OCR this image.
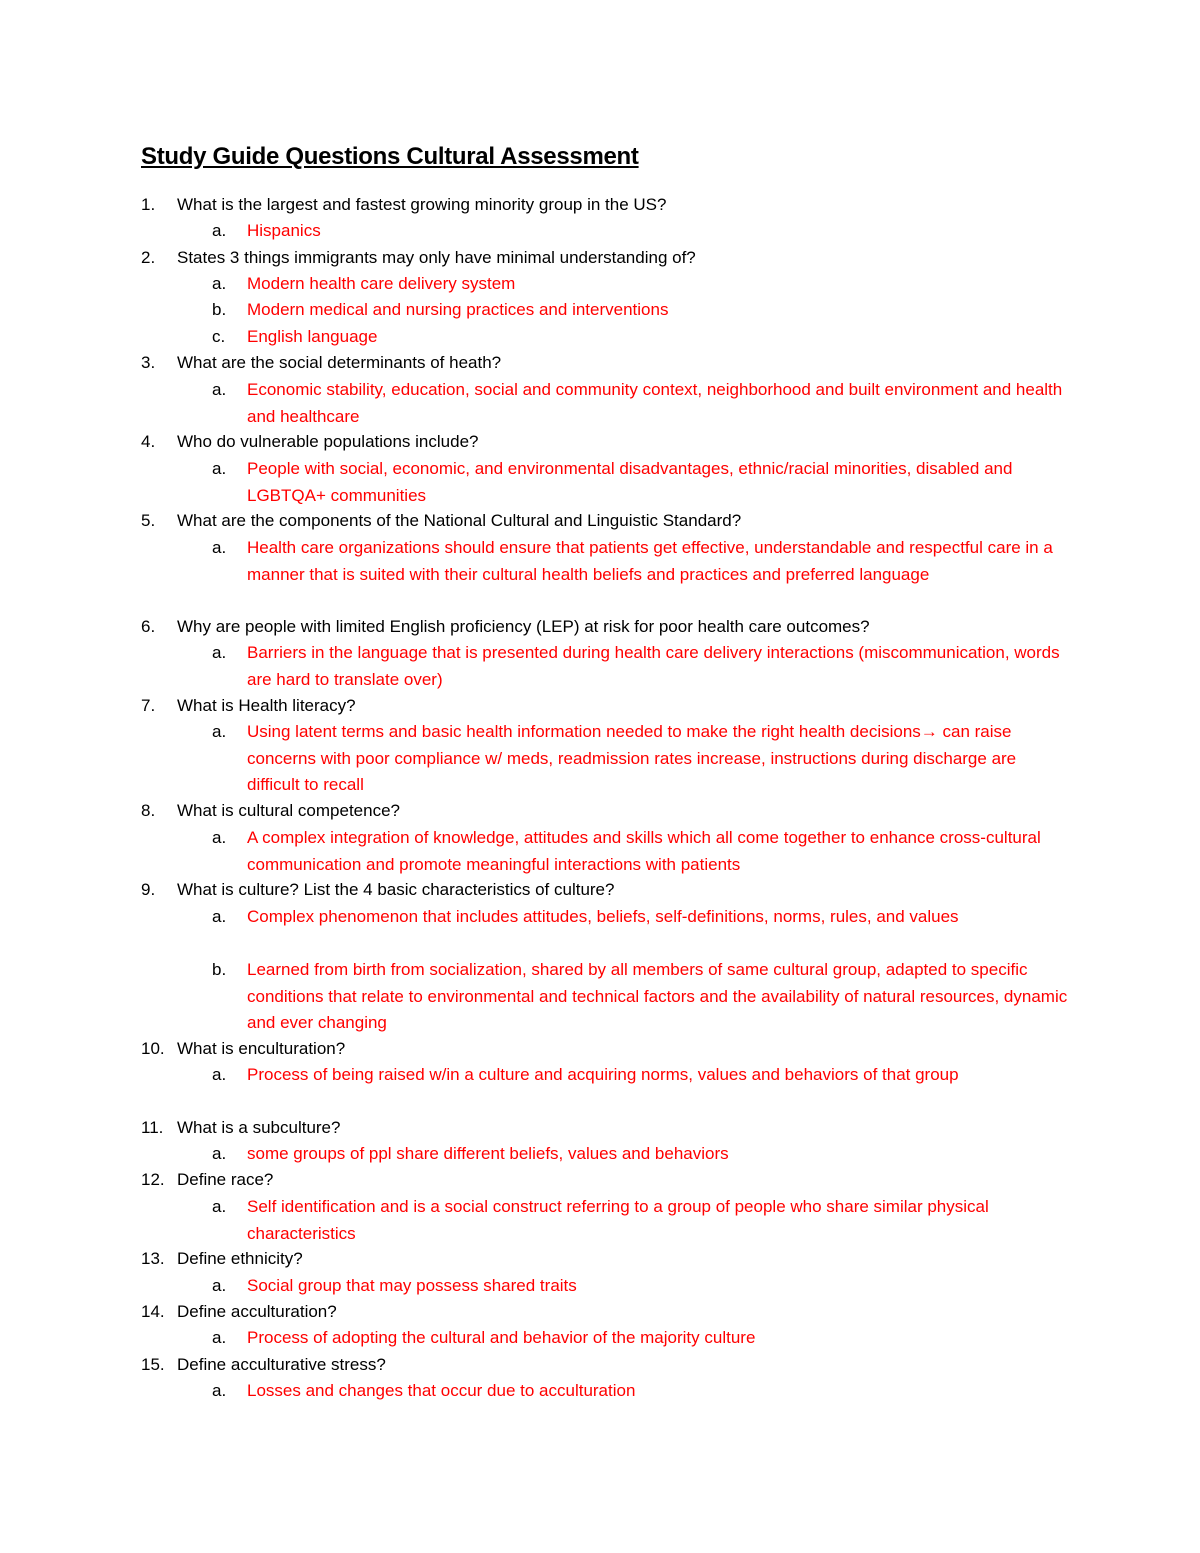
Study Guide Questions Cultural Assessment
1. What is the largest and fastest growing minority group in the US?
a.	Hispanics
2. States 3 things immigrants may only have minimal understanding of?
a.	Modern health care delivery system
b.	Modern medical and nursing practices and interventions
c.	English language
3. What are the social determinants of heath?
a.	Economic stability, education, social and community context, neighborhood and built environment and health and healthcare
4. Who do vulnerable populations include?
a.	People with social, economic, and environmental disadvantages, ethnic/racial minorities, disabled and LGBTQA+ communities
5. What are the components of the National Cultural and Linguistic Standard?
a.	Health care organizations should ensure that patients get effective, understandable and respectful care in a manner that is suited with their cultural health beliefs and practices and preferred language
6. Why are people with limited English proficiency (LEP) at risk for poor health care outcomes?
a.	Barriers in the language that is presented during health care delivery interactions (miscommunication, words are hard to translate over)
7. What is Health literacy?
a.	Using latent terms and basic health information needed to make the right health decisions→ can raise concerns with poor compliance w/ meds, readmission rates increase, instructions during discharge are difficult to recall
8. What is cultural competence?
a.	A complex integration of knowledge, attitudes and skills which all come together to enhance cross-cultural communication and promote meaningful interactions with patients
9. What is culture? List the 4 basic characteristics of culture?
a.	Complex phenomenon that includes attitudes, beliefs, self-definitions, norms, rules, and values
b.	Learned from birth from socialization, shared by all members of same cultural group, adapted to specific conditions that relate to environmental and technical factors and the availability of natural resources, dynamic and ever changing
10. What is enculturation?
a.	Process of being raised w/in a culture and acquiring norms, values and behaviors of that group
11. What is a subculture?
a.	some groups of ppl share different beliefs, values and behaviors
12. Define race?
a.	Self identification and is a social construct referring to a group of people who share similar physical characteristics
13. Define ethnicity?
a.	Social group that may possess shared traits
14. Define acculturation?
a.	Process of adopting the cultural and behavior of the majority culture
15. Define acculturative stress?
a.	Losses and changes that occur due to acculturation
